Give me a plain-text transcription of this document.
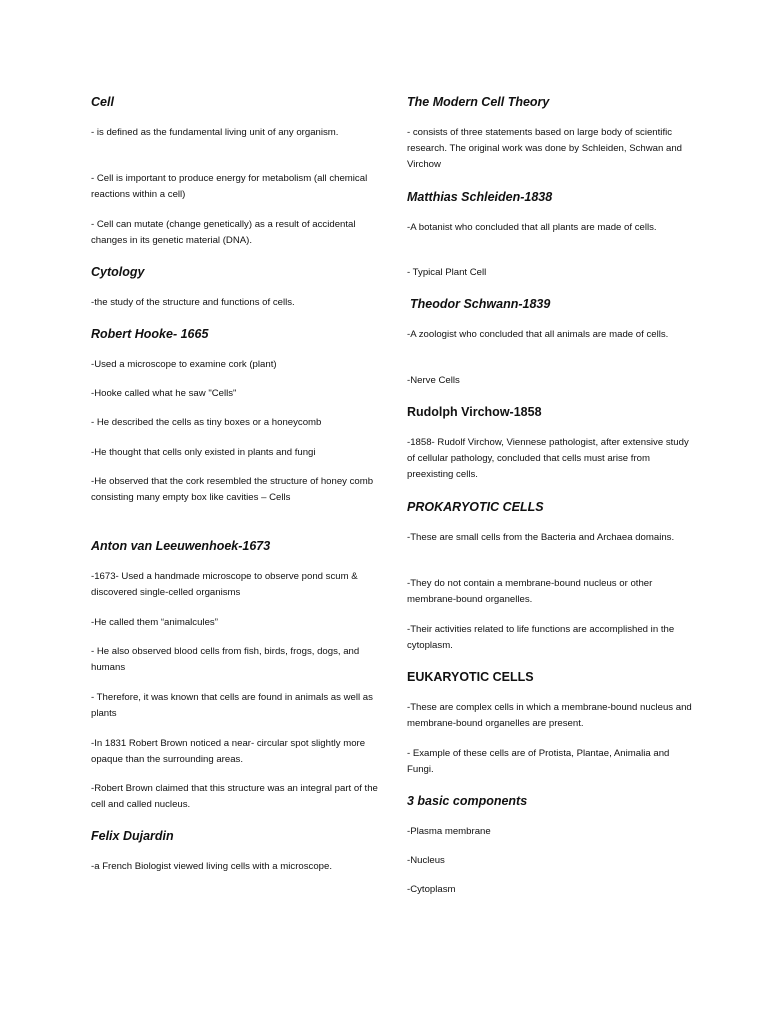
Cell
- is defined as the fundamental living unit of any organism.
- Cell is important to produce energy for metabolism (all chemical reactions within a cell)
- Cell can mutate (change genetically) as a result of accidental changes in its genetic material (DNA).
Cytology
-the study of the structure and functions of cells.
Robert Hooke- 1665
-Used a microscope to examine cork (plant)
-Hooke called what he saw "Cells"
- He described the cells as tiny boxes or a honeycomb
-He thought that cells only existed in plants and fungi
-He observed that the cork resembled the structure of honey comb consisting many empty box like cavities – Cells
Anton van Leeuwenhoek-1673
-1673- Used a handmade microscope to observe pond scum & discovered single-celled organisms
-He called them “animalcules”
- He also observed blood cells from fish, birds, frogs, dogs, and humans
- Therefore, it was known that cells are found in animals as well as plants
-In 1831 Robert Brown noticed a near- circular spot slightly more opaque than the surrounding areas.
-Robert Brown claimed that this structure was an integral part of the cell and called nucleus.
Felix Dujardin
-a French Biologist viewed living cells with a microscope.
The Modern Cell Theory
- consists of three statements based on large body of scientific research. The original work was done by Schleiden, Schwan and Virchow
Matthias Schleiden-1838
-A botanist who concluded that all plants are made of cells.
- Typical Plant Cell
Theodor Schwann-1839
-A zoologist who concluded that all animals are made of cells.
-Nerve Cells
Rudolph Virchow-1858
-1858- Rudolf Virchow, Viennese pathologist, after extensive study of cellular pathology, concluded that cells must arise from preexisting cells.
PROKARYOTIC CELLS
-These are small cells from the Bacteria and Archaea domains.
-They do not contain a membrane-bound nucleus or other membrane-bound organelles.
-Their activities related to life functions are accomplished in the cytoplasm.
EUKARYOTIC CELLS
-These are complex cells in which a membrane-bound nucleus and membrane-bound organelles are present.
- Example of these cells are of Protista, Plantae, Animalia and Fungi.
3 basic components
-Plasma membrane
-Nucleus
-Cytoplasm
